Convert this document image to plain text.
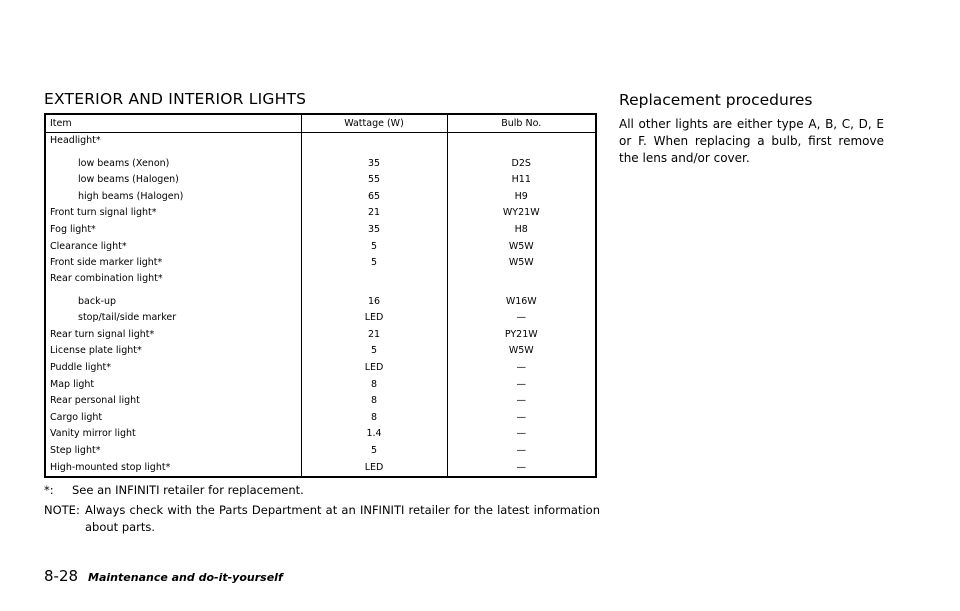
EXTERIOR AND INTERIOR LIGHTS
Item	Wattage (W)	Bulb No.
Headlight*		
low beams (Xenon)	35	D2S
low beams (Halogen)	55	H11
high beams (Halogen)	65	H9
Front turn signal light*	21	WY21W
Fog light*	35	H8
Clearance light*	5	W5W
Front side marker light*	5	W5W
Rear combination light*		
back-up	16	W16W
stop/tail/side marker	LED	—
Rear turn signal light*	21	PY21W
License plate light*	5	W5W
Puddle light*	LED	—
Map light	8	—
Rear personal light	8	—
Cargo light	8	—
Vanity mirror light	1.4	—
Step light*	5	—
High-mounted stop light*	LED	—

*: See an INFINITI retailer for replacement.

NOTE: Always check with the Parts Department at an INFINITI retailer for the latest information about parts.

Replacement procedures

All other lights are either type A, B, C, D, E or F. When replacing a bulb, first remove the lens and/or cover.

8-28 Maintenance and do-it-yourself
